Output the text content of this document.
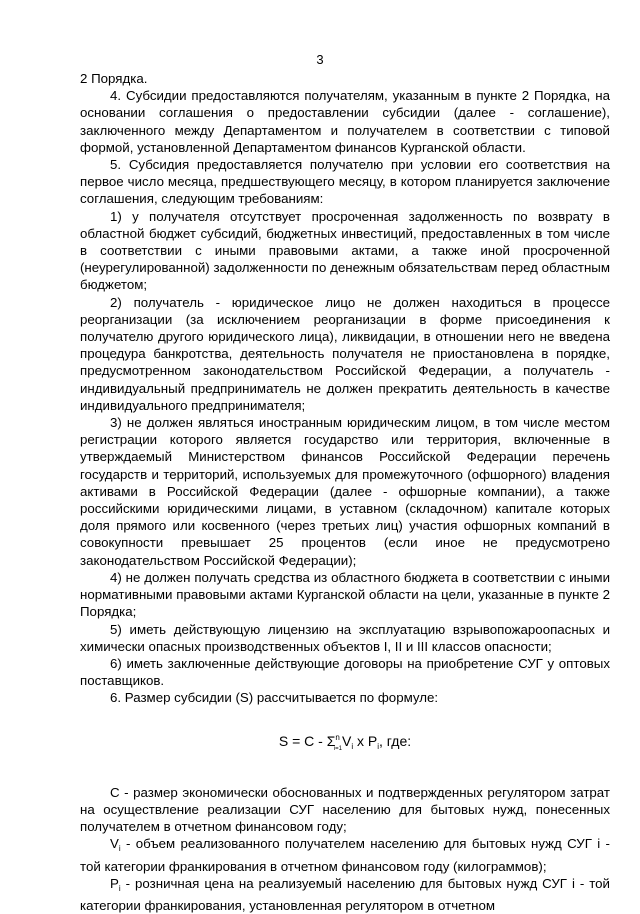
3

2 Порядка.

4. Субсидии предоставляются получателям, указанным в пункте 2 Порядка, на основании соглашения о предоставлении субсидии (далее - соглашение), заключенного между Департаментом и получателем в соответствии с типовой формой, установленной Департаментом финансов Курганской области.

5. Субсидия предоставляется получателю при условии его соответствия на первое число месяца, предшествующего месяцу, в котором планируется заключение соглашения, следующим требованиям:

1) у получателя отсутствует просроченная задолженность по возврату в областной бюджет субсидий, бюджетных инвестиций, предоставленных в том числе в соответствии с иными правовыми актами, а также иной просроченной (неурегулированной) задолженности по денежным обязательствам перед областным бюджетом;

2) получатель - юридическое лицо не должен находиться в процессе реорганизации (за исключением реорганизации в форме присоединения к получателю другого юридического лица), ликвидации, в отношении него не введена процедура банкротства, деятельность получателя не приостановлена в порядке, предусмотренном законодательством Российской Федерации, а получатель - индивидуальный предприниматель не должен прекратить деятельность в качестве индивидуального предпринимателя;

3) не должен являться иностранным юридическим лицом, в том числе местом регистрации которого является государство или территория, включенные в утверждаемый Министерством финансов Российской Федерации перечень государств и территорий, используемых для промежуточного (офшорного) владения активами в Российской Федерации (далее - офшорные компании), а также российскими юридическими лицами, в уставном (складочном) капитале которых доля прямого или косвенного (через третьих лиц) участия офшорных компаний в совокупности превышает 25 процентов (если иное не предусмотрено законодательством Российской Федерации);

4) не должен получать средства из областного бюджета в соответствии с иными нормативными правовыми актами Курганской области на цели, указанные в пункте 2 Порядка;

5) иметь действующую лицензию на эксплуатацию взрывопожароопасных и химически опасных производственных объектов I, II и III классов опасности;

6) иметь заключенные действующие договоры на приобретение СУГ у оптовых поставщиков.

6. Размер субсидии (S) рассчитывается по формуле:

$S = C - \Sigma^n_{i=1}V_i$ x $P_i$, где:

С - размер экономически обоснованных и подтвержденных регулятором затрат на осуществление реализации СУГ населению для бытовых нужд, понесенных получателем в отчетном финансовом году;

$V_i$ - объем реализованного получателем населению для бытовых нужд СУГ i - той категории франкирования в отчетном финансовом году (килограммов);

$P_i$ - розничная цена на реализуемый населению для бытовых нужд СУГ i - той категории франкирования, установленная регулятором в отчетном
